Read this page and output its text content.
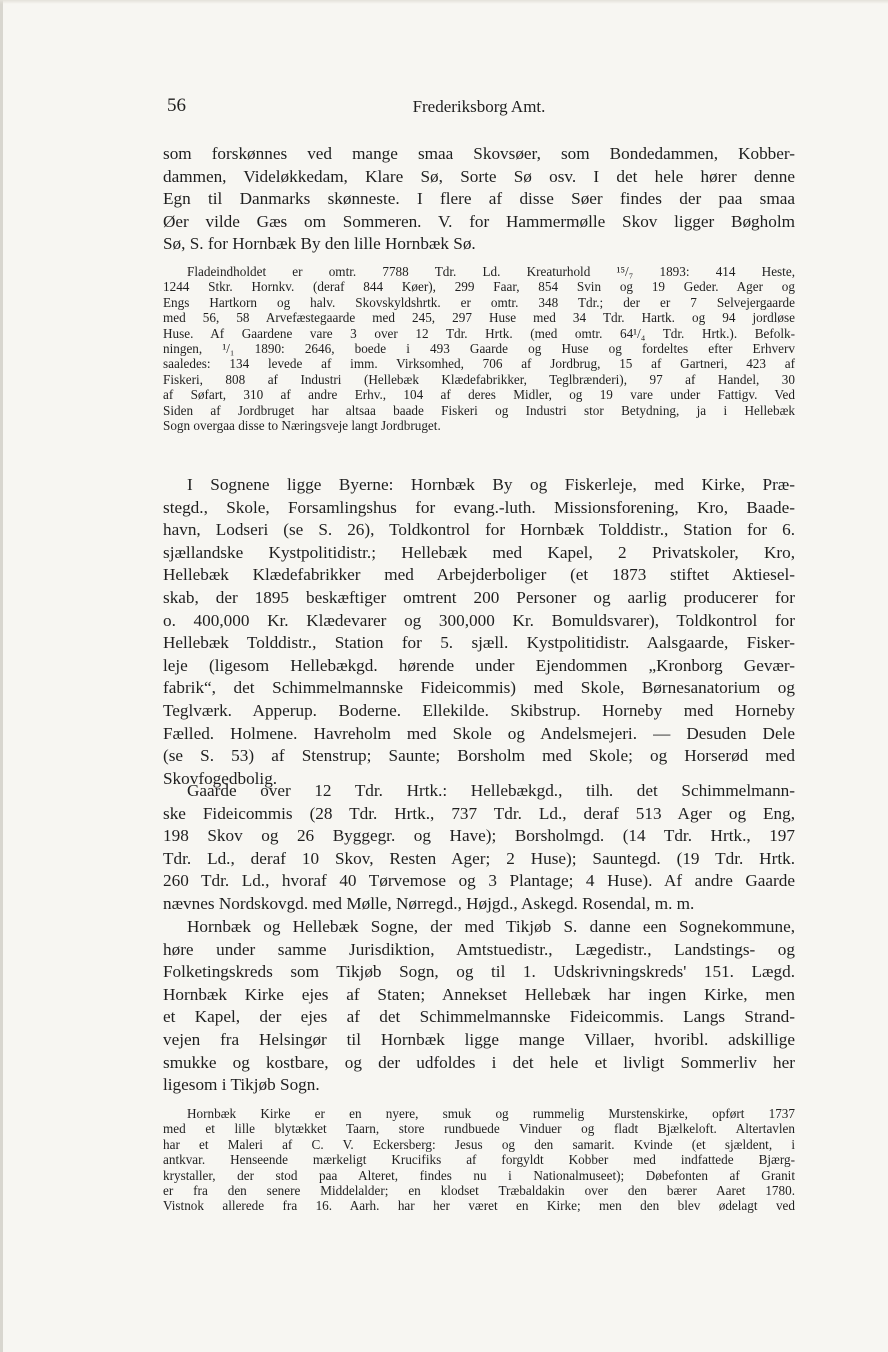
56	Frederiksborg Amt.

som forskønnes ved mange smaa Skovsøer, som Bondedammen, Kobber-
dammen, Videløkkedam, Klare Sø, Sorte Sø osv. I det hele hører denne
Egn til Danmarks skønneste. I flere af disse Søer findes der paa smaa
Øer vilde Gæs om Sommeren. V. for Hammermølle Skov ligger Bøgholm
Sø, S. for Hornbæk By den lille Hornbæk Sø.

Fladeindholdet er omtr. 7788 Tdr. Ld. Kreaturhold ¹⁵/₇ 1893: 414 Heste,
1244 Stkr. Hornkv. (deraf 844 Køer), 299 Faar, 854 Svin og 19 Geder. Ager og
Engs Hartkorn og halv. Skovskyldshrtk. er omtr. 348 Tdr.; der er 7 Selvejergaarde
med 56, 58 Arvefæstegaarde med 245, 297 Huse med 34 Tdr. Hartk. og 94 jordløse
Huse. Af Gaardene vare 3 over 12 Tdr. Hrtk. (med omtr. 64¹/₄ Tdr. Hrtk.). Befolk-
ningen, ¹/₁ 1890: 2646, boede i 493 Gaarde og Huse og fordeltes efter Erhverv
saaledes: 134 levede af imm. Virksomhed, 706 af Jordbrug, 15 af Gartneri, 423 af
Fiskeri, 808 af Industri (Hellebæk Klædefabrikker, Teglbrænderi), 97 af Handel, 30
af Søfart, 310 af andre Erhv., 104 af deres Midler, og 19 vare under Fattigv. Ved
Siden af Jordbruget har altsaa baade Fiskeri og Industri stor Betydning, ja i Hellebæk
Sogn overgaa disse to Næringsveje langt Jordbruget.

I Sognene ligge Byerne: Hornbæk By og Fiskerleje, med Kirke, Præ-
stegd., Skole, Forsamlingshus for evang.-luth. Missionsforening, Kro, Baade-
havn, Lodseri (se S. 26), Toldkontrol for Hornbæk Tolddistr., Station for 6.
sjællandske Kystpolitidistr.; Hellebæk med Kapel, 2 Privatskoler, Kro,
Hellebæk Klædefabrikker med Arbejderboliger (et 1873 stiftet Aktiesel-
skab, der 1895 beskæftiger omtrent 200 Personer og aarlig producerer for
o. 400,000 Kr. Klædevarer og 300,000 Kr. Bomuldsvarer), Toldkontrol for
Hellebæk Tolddistr., Station for 5. sjæll. Kystpolitidistr. Aalsgaarde, Fisker-
leje (ligesom Hellebækgd. hørende under Ejendommen „Kronborg Gevær-
fabrik“, det Schimmelmannske Fideicommis) med Skole, Børnesanatorium og
Teglværk. Apperup. Boderne. Ellekilde. Skibstrup. Horneby med Horneby
Fælled. Holmene. Havreholm med Skole og Andelsmejeri. — Desuden Dele
(se S. 53) af Stenstrup; Saunte; Borsholm med Skole; og Horserød med
Skovfogedbolig.

Gaarde over 12 Tdr. Hrtk.: Hellebækgd., tilh. det Schimmelmann-
ske Fideicommis (28 Tdr. Hrtk., 737 Tdr. Ld., deraf 513 Ager og Eng,
198 Skov og 26 Byggegr. og Have); Borsholmgd. (14 Tdr. Hrtk., 197
Tdr. Ld., deraf 10 Skov, Resten Ager; 2 Huse); Sauntegd. (19 Tdr. Hrtk.
260 Tdr. Ld., hvoraf 40 Tørvemose og 3 Plantage; 4 Huse). Af andre Gaarde
nævnes Nordskovgd. med Mølle, Nørregd., Højgd., Askegd. Rosendal, m. m.

Hornbæk og Hellebæk Sogne, der med Tikjøb S. danne een Sognekommune,
høre under samme Jurisdiktion, Amtstuedistr., Lægedistr., Landstings- og
Folketingskreds som Tikjøb Sogn, og til 1. Udskrivningskreds' 151. Lægd.
Hornbæk Kirke ejes af Staten; Annekset Hellebæk har ingen Kirke, men
et Kapel, der ejes af det Schimmelmannske Fideicommis. Langs Strand-
vejen fra Helsingør til Hornbæk ligge mange Villaer, hvoribl. adskillige
smukke og kostbare, og der udfoldes i det hele et livligt Sommerliv her
ligesom i Tikjøb Sogn.

Hornbæk Kirke er en nyere, smuk og rummelig Murstenskirke, opført 1737
med et lille blytækket Taarn, store rundbuede Vinduer og fladt Bjælkeloft. Altertavlen
har et Maleri af C. V. Eckersberg: Jesus og den samarit. Kvinde (et sjældent, i
antkvar. Henseende mærkeligt Krucifiks af forgyldt Kobber med indfattede Bjærg-
krystaller, der stod paa Alteret, findes nu i Nationalmuseet); Døbefonten af Granit
er fra den senere Middelalder; en klodset Træbaldakin over den bærer Aaret 1780.
Vistnok allerede fra 16. Aarh. har her været en Kirke; men den blev ødelagt ved
